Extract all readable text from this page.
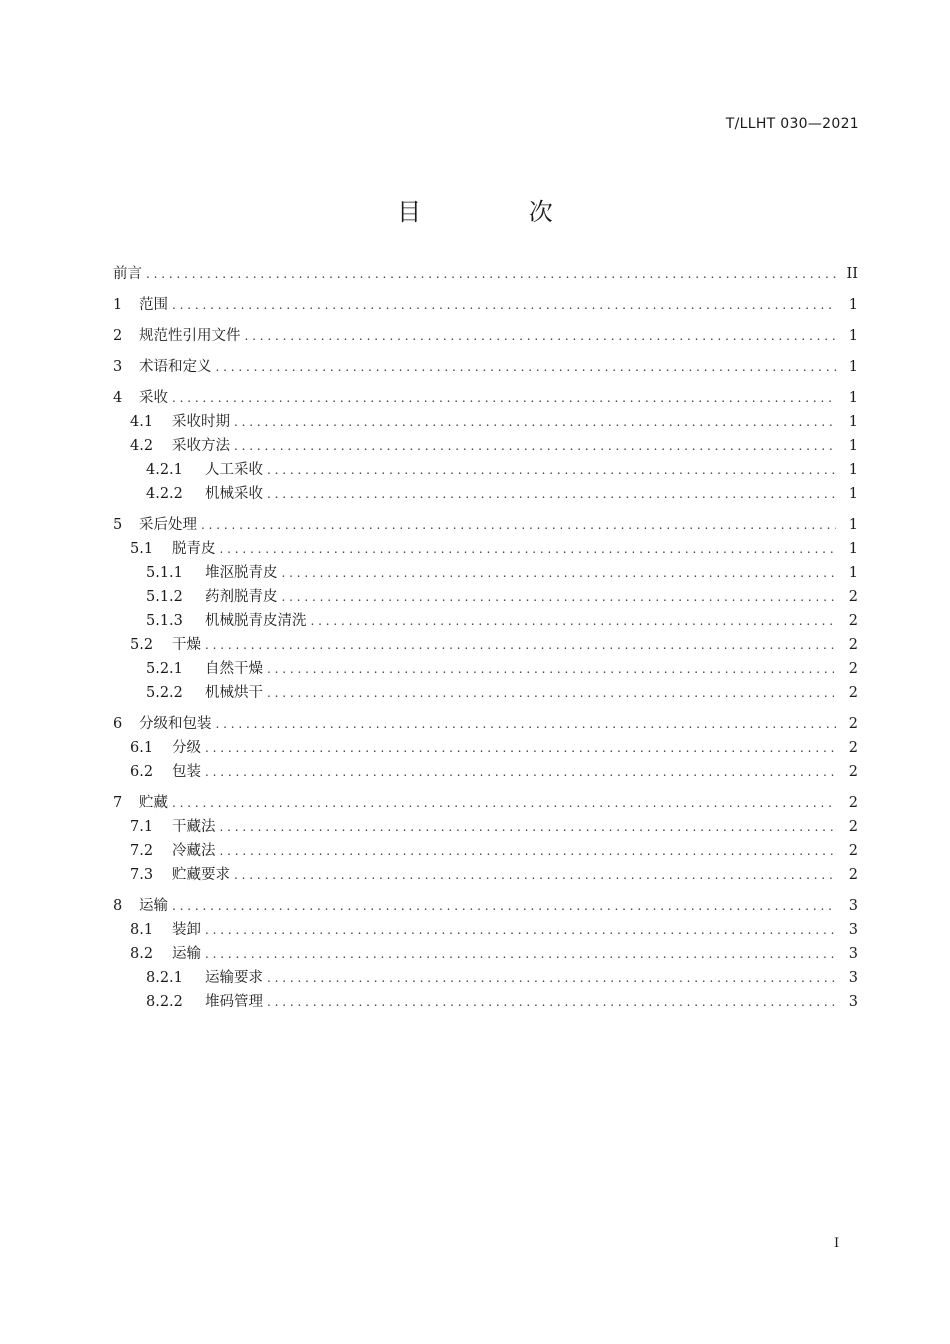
T/LLHT 030—2021
目 次
前言 . . .	II
1	范围 . . .	1
2	规范性引用文件 . . .	1
3	术语和定义 . . .	1
4	采收 . . .	1
4.1	采收时期 . . .	1
4.2	采收方法 . . .	1
4.2.1	人工采收 . . .	1
4.2.2	机械采收 . . .	1
5	采后处理 . . .	1
5.1	脱青皮 . . .	1
5.1.1	堆沤脱青皮 . . .	1
5.1.2	药剂脱青皮 . . .	2
5.1.3	机械脱青皮清洗 . . .	2
5.2	干燥 . . .	2
5.2.1	自然干燥 . . .	2
5.2.2	机械烘干 . . .	2
6	分级和包装 . . .	2
6.1	分级 . . .	2
6.2	包装 . . .	2
7	贮藏 . . .	2
7.1	干藏法 . . .	2
7.2	冷藏法 . . .	2
7.3	贮藏要求 . . .	2
8	运输 . . .	3
8.1	装卸 . . .	3
8.2	运输 . . .	3
8.2.1	运输要求 . . .	3
8.2.2	堆码管理 . . .	3
I
